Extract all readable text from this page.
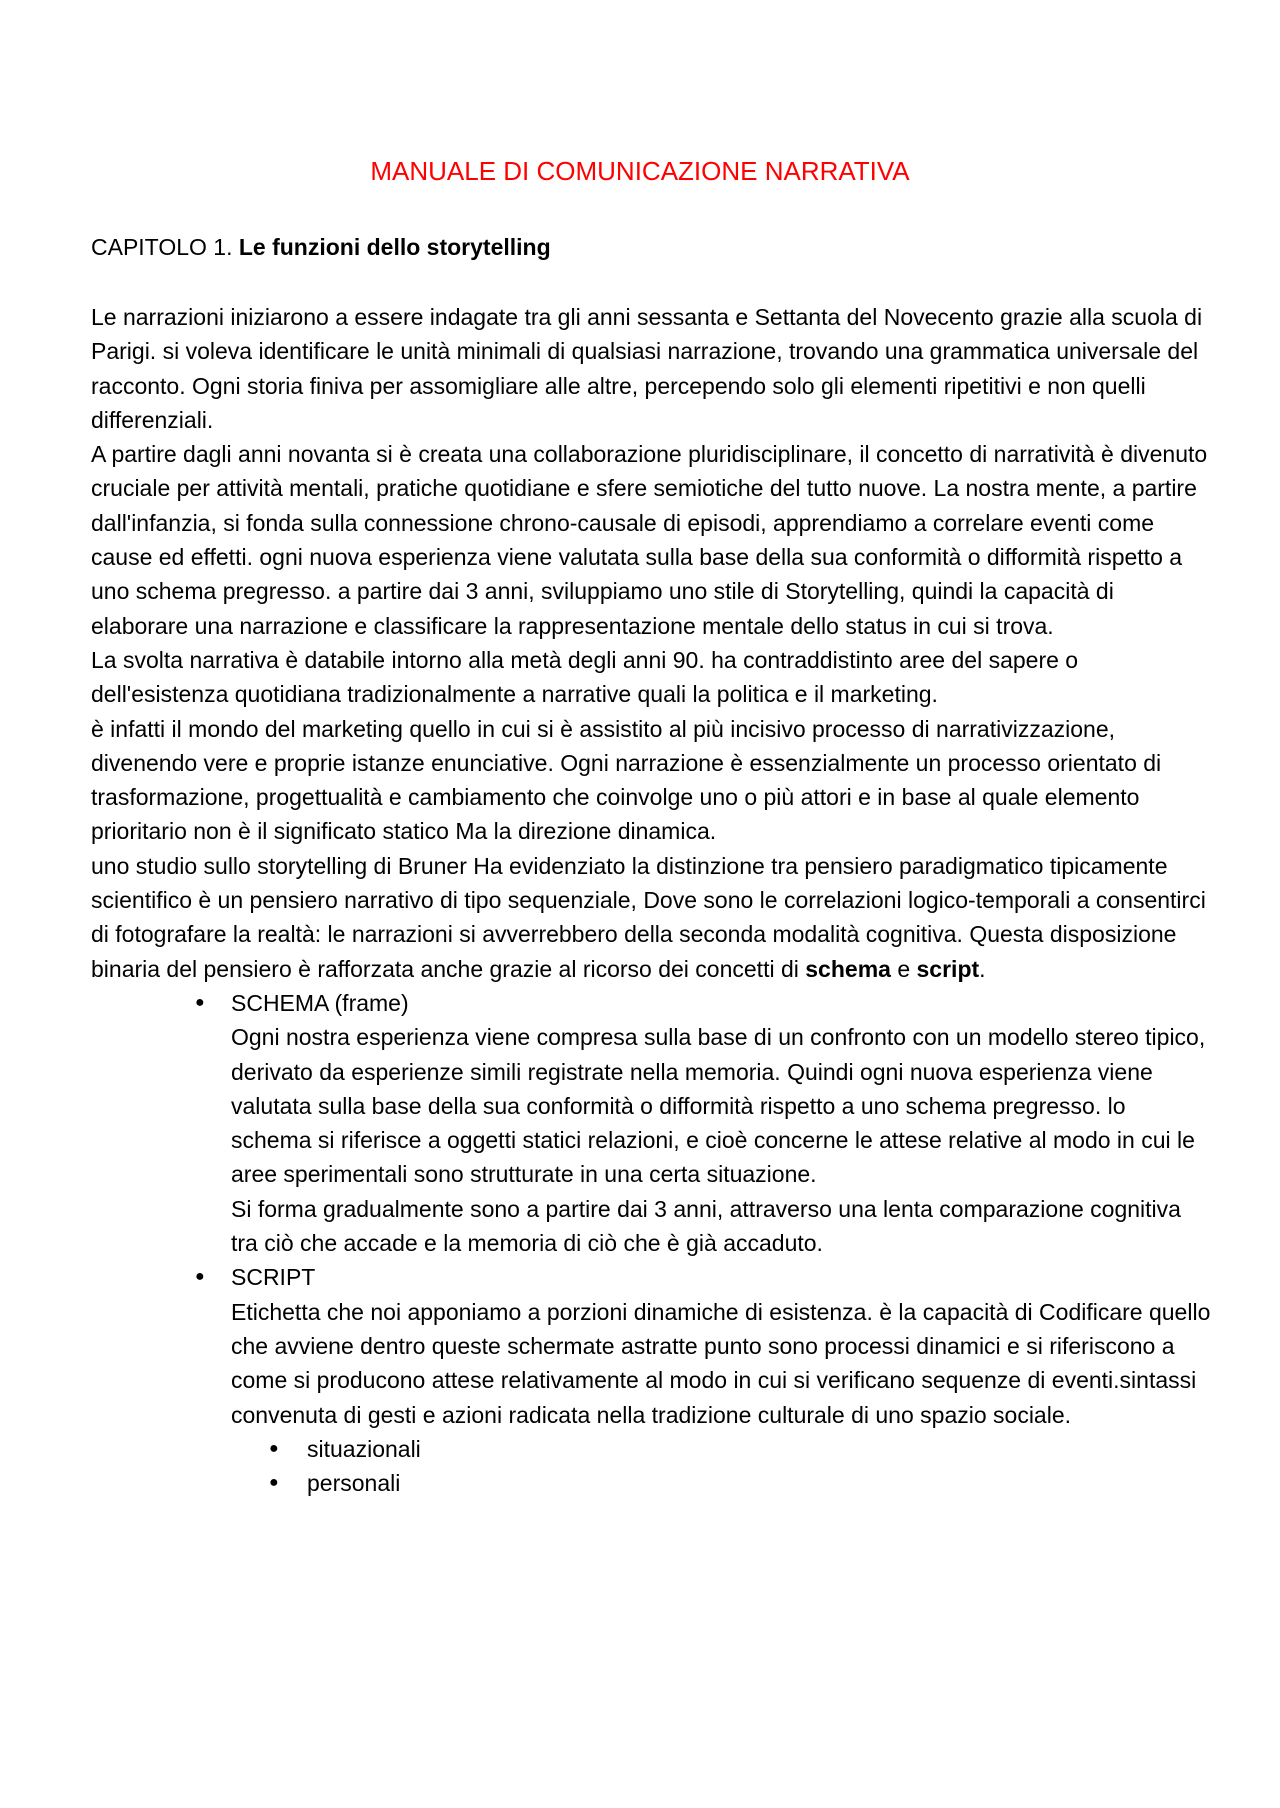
MANUALE DI COMUNICAZIONE NARRATIVA
CAPITOLO 1. Le funzioni dello storytelling

Le narrazioni iniziarono a essere indagate tra gli anni sessanta e Settanta del Novecento grazie alla scuola di Parigi. si voleva identificare le unità minimali di qualsiasi narrazione, trovando una grammatica universale del racconto. Ogni storia finiva per assomigliare alle altre, percependo solo gli elementi ripetitivi e non quelli differenziali.

A partire dagli anni novanta si è creata una collaborazione pluridisciplinare, il concetto di narratività è divenuto cruciale per attività mentali, pratiche quotidiane e sfere semiotiche del tutto nuove. La nostra mente, a partire dall'infanzia, si fonda sulla connessione chrono-causale di episodi, apprendiamo a correlare eventi come cause ed effetti. ogni nuova esperienza viene valutata sulla base della sua conformità o difformità rispetto a uno schema pregresso. a partire dai 3 anni, sviluppiamo uno stile di Storytelling, quindi la capacità di elaborare una narrazione e classificare la rappresentazione mentale dello status in cui si trova.

La svolta narrativa è databile intorno alla metà degli anni 90. ha contraddistinto aree del sapere o dell'esistenza quotidiana tradizionalmente a narrative quali la politica e il marketing.

è infatti il mondo del marketing quello in cui si è assistito al più incisivo processo di narrativizzazione, divenendo vere e proprie istanze enunciative. Ogni narrazione è essenzialmente un processo orientato di trasformazione, progettualità e cambiamento che coinvolge uno o più attori e in base al quale elemento prioritario non è il significato statico Ma la direzione dinamica.

uno studio sullo storytelling di Bruner Ha evidenziato la distinzione tra pensiero paradigmatico tipicamente scientifico è un pensiero narrativo di tipo sequenziale, Dove sono le correlazioni logico-temporali a consentirci di fotografare la realtà: le narrazioni si avverrebbero della seconda modalità cognitiva. Questa disposizione binaria del pensiero è rafforzata anche grazie al ricorso dei concetti di schema e script.

● SCHEMA (frame)
Ogni nostra esperienza viene compresa sulla base di un confronto con un modello stereo tipico, derivato da esperienze simili registrate nella memoria. Quindi ogni nuova esperienza viene valutata sulla base della sua conformità o difformità rispetto a uno schema pregresso. lo schema si riferisce a oggetti statici relazioni, e cioè concerne le attese relative al modo in cui le aree sperimentali sono strutturate in una certa situazione.
Si forma gradualmente sono a partire dai 3 anni, attraverso una lenta comparazione cognitiva tra ciò che accade e la memoria di ciò che è già accaduto.
● SCRIPT
Etichetta che noi apponiamo a porzioni dinamiche di esistenza. è la capacità di Codificare quello che avviene dentro queste schermate astratte punto sono processi dinamici e si riferiscono a come si producono attese relativamente al modo in cui si verificano sequenze di eventi.sintassi convenuta di gesti e azioni radicata nella tradizione culturale di uno spazio sociale.
● situazionali
● personali
